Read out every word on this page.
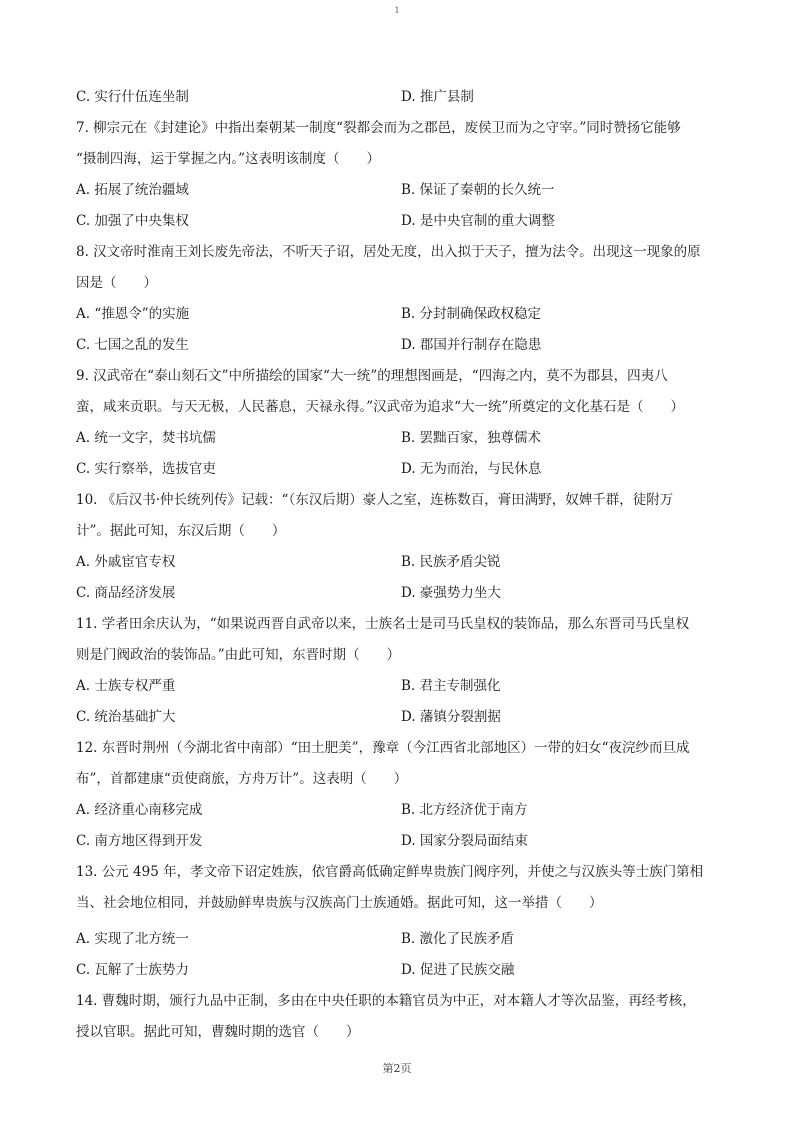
1
C. 实行什伍连坐制	D. 推广县制
7. 柳宗元在《封建论》中指出秦朝某一制度“裂都会而为之郡邑，废侯卫而为之守宰。”同时赞扬它能够
“摄制四海，运于掌握之内。”这表明该制度（　　）
A. 拓展了统治疆域	B. 保证了秦朝的长久统一
C. 加强了中央集权	D. 是中央官制的重大调整
8. 汉文帝时淮南王刘长废先帝法，不听天子诏，居处无度，出入拟于天子，擅为法令。出现这一现象的原
因是（　　）
A. “推恩令”的实施	B. 分封制确保政权稳定
C. 七国之乱的发生	D. 郡国并行制存在隐患
9. 汉武帝在“泰山刻石文”中所描绘的国家“大一统”的理想图画是，“四海之内，莫不为郡县，四夷八
蛮，咸来贡职。与天无极，人民蕃息，天禄永得。”汉武帝为追求“大一统”所奠定的文化基石是（　　）
A. 统一文字，焚书坑儒	B. 罢黜百家，独尊儒术
C. 实行察举，选拔官吏	D. 无为而治，与民休息
10. 《后汉书·仲长统列传》记载：“（东汉后期）豪人之室，连栋数百，膏田满野，奴婢千群，徒附万
计”。据此可知，东汉后期（　　）
A. 外戚宦官专权	B. 民族矛盾尖锐
C. 商品经济发展	D. 豪强势力坐大
11. 学者田余庆认为，“如果说西晋自武帝以来，士族名士是司马氏皇权的装饰品，那么东晋司马氏皇权
则是门阀政治的装饰品。”由此可知，东晋时期（　　）
A. 士族专权严重	B. 君主专制强化
C. 统治基础扩大	D. 藩镇分裂割据
12. 东晋时荆州（今湖北省中南部）“田土肥美”，豫章（今江西省北部地区）一带的妇女“夜浣纱而旦成
布”，首都建康“贡使商旅，方舟万计”。这表明（　　）
A. 经济重心南移完成	B. 北方经济优于南方
C. 南方地区得到开发	D. 国家分裂局面结束
13. 公元 495 年，孝文帝下诏定姓族，依官爵高低确定鲜卑贵族门阀序列，并使之与汉族头等士族门第相
当、社会地位相同，并鼓励鲜卑贵族与汉族高门士族通婚。据此可知，这一举措（　　）
A. 实现了北方统一	B. 激化了民族矛盾
C. 瓦解了士族势力	D. 促进了民族交融
14. 曹魏时期，颁行九品中正制，多由在中央任职的本籍官员为中正，对本籍人才等次品鉴，再经考核，
授以官职。据此可知，曹魏时期的选官（　　）
第2页
